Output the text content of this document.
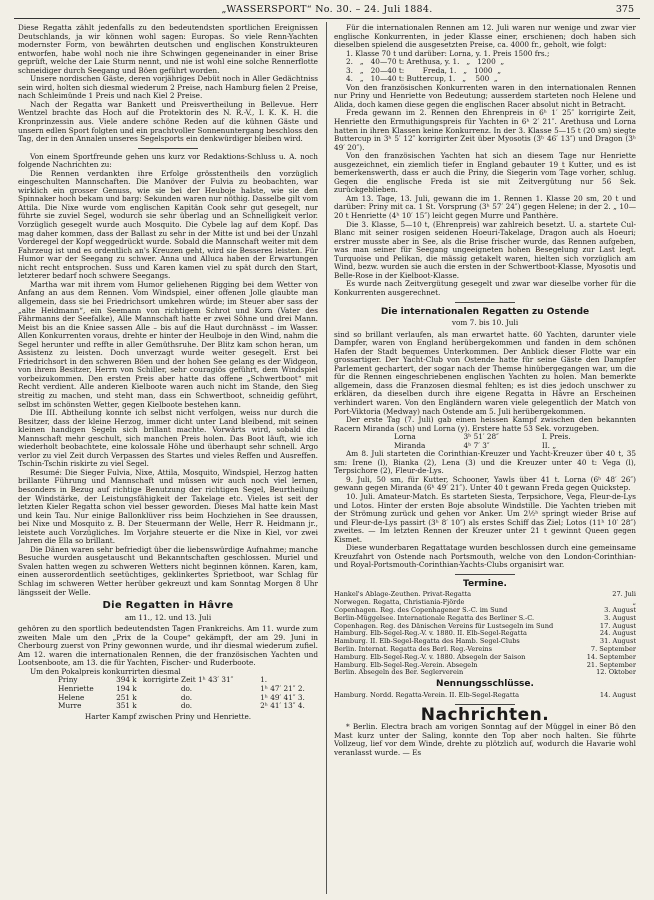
„WASSERSPORT“ No. 30. – 24. Juli 1884.	375

Diese Regatta zählt jedenfalls zu den bedeutendsten sportlichen Ereignissen Deutschlands, ja wir können wohl sagen: Europas. So viele Renn-Yachten modernster Form, von bewährten deutschen und englischen Konstrukteuren entworfen, habe wohl noch nie ihre Schwingen gegeneinander in einer Brise geprüft, welche der Laie Sturm nennt, und nie ist wohl eine solche Rennerflotte schneidiger durch Seegang und Böen geführt worden.

Unsere nordischen Gäste, deren vorjähriges Debüt noch in Aller Gedächtniss sein wird, holten sich diesmal wiederum 2 Preise, nach Hamburg fielen 2 Preise, nach Schleimünde 1 Preis und nach Kiel 2 Preise.

Nach der Regatta war Bankett und Preisvertheilung in Bellevue. Herr Wentzel brachte das Hoch auf die Protektorin des N. R.-V., I. K. K. H. die Kronprinzessin aus. Viele andere schöne Reden auf die kühnen Gäste und unsern edlen Sport folgten und ein prachtvoller Sonnenuntergang beschloss den Tag, der in den Annalen unseres Segelsports ein denkwürdiger bleiben wird.

Von einem Sportfreunde gehen uns kurz vor Redaktions-Schluss u. A. noch folgende Nachrichten zu:

Die Rennen verdankten ihre Erfolge grösstentheils den vorzüglich eingeschulten Mannschaften. Die Manöver der Fulvia zu beobachten, war wirklich ein grosser Genuss, wie sie bei der Heuboje halste, wie sie den Spinnaker hoch bekam und barg: Sekunden waren nur nöthig. Dasselbe gilt vom Attila. Die Nixe wurde vom englischen Kapitän Cook sehr gut gesegelt, nur führte sie zuviel Segel, wodurch sie sehr überlag und an Schnelligkeit verlor. Vorzüglich gesegelt wurde auch Mosquito. Die Cybele lag auf dem Kopf. Das mag daher kommen, dass der Ballast zu sehr in der Mitte ist und bei der Unzahl Vorderegel der Kopf weggedrückt wurde. Sobald die Mannschaft weiter mit dem Fahrzeug ist und es ordentlich an's Kreuzen geht, wird sie Besseres leisten. Für Humor war der Seegang zu schwer. Anna und Alluca haben der Erwartungen nicht recht entsprochen. Suss und Karen kamen viel zu spät durch den Start, letzterer bedarf noch schwere Seegangs.

Martha war mit ihrem vom Humor geliehenen Rigging bei dem Wetter von Anfang an aus dem Rennen. Vom Windspiel, einer offenen Jolle glaubte man allgemein, dass sie bei Friedrichsort umkehren würde; im Steuer aber sass der „alte Heidmann“, ein Seemann von richtigem Schrot und Korn (Vater des Fährmanns der Seefalke), Alle Mannschaft hatte er zwei Söhne und drei Mann. Meist bis an die Kniee sassen Alle – bis auf die Haut durchnässt – im Wasser. Allen Konkurrenten voraus, drehte er hinter der Heulboje in den Wind, nahm die Segel herunter und reffte in aller Gemüthsruhe. Der Blitz kam schon heran, um Assistenz zu leisten. Doch unverzagt wurde weiter gesegelt. Erst bei Friedrichsort in den schweren Böen und der hohen See gelang es der Widgeon, von ihrem Besitzer, Herrn von Schiller, sehr couragiös geführt, dem Windspiel vorbeizukommen. Den ersten Preis aber hatte das offene „Schwertboot“ mit Recht verdient. Alle anderen Kielboote waren auch nicht im Stande, den Sieg streitig zu machen, und steht man, dass ein Schwertboot, schneidig geführt, selbst im schönsten Wetter, gegen Kielboote bestehen kann.

Die III. Abtheilung konnte ich selbst nicht verfolgen, weiss nur durch die Besitzer, dass der kleine Herzog, immer dicht unter Land bleibend, mit seinen kleinen handigen Segeln sich brillant machte. Vorwärts wird, sobald die Mannschaft mehr geschult, sich manchen Preis holen. Das Boot läuft, wie ich wiederholt beobachtete, eine kolossale Höhe und überhaupt sehr schnell. Argo verlor zu viel Zeit durch Verpassen des Startes und vieles Reffen und Ausreffen. Tschin-Tschin riskirte zu viel Segel.

Resumé: Die Sieger Fulvia, Nixe, Attila, Mosquito, Windspiel, Herzog hatten brillante Führung und Mannschaft und müssen wir auch noch viel lernen, besonders in Bezug auf richtige Benutzung der richtigen Segel, Beurtheilung der Windstärke, der Leistungsfähigkeit der Takelage etc. Vieles ist seit der letzten Kieler Regatta schon viel besser geworden. Dieses Mal hatte kein Mast und kein Tau. Nur einige Ballonklüver riss beim Hochziehen in See draussen, bei Nixe und Mosquito z. B. Der Steuermann der Welle, Herr R. Heidmann jr., leistete auch Vorzügliches. Im Vorjahre steuerte er die Nixe in Kiel, vor zwei Jahren die Ella so brillant.

Die Dänen waren sehr befriedigt über die liebenswürdige Aufnahme; manche Besuche wurden ausgetauscht und Bekanntschaften geschlossen. Muriel und Svalen hatten wegen zu schweren Wetters nicht beginnen können. Karen, kam, einen ausserordentlich seetüchtiges, geklinkertes Sprietboot, war Schlag für Schlag im schweren Wetter herüber gekreuzt und kam Sonntag Morgen 8 Uhr längsseit der Welle.

Die Regatten in Hâvre
am 11., 12. und 13. Juli

gehören zu den sportlich bedeutendsten Tagen Frankreichs. Am 11. wurde zum zweiten Male um den „Prix de la Coupe“ gekämpft, der am 29. Juni in Cherbourg zuerst von Priny gewonnen wurde, und ihr diesmal wiederum zufiel. Am 12. waren die internationalen Rennen, die der französischen Yachten und Lootsenboote, am 13. die für Yachten, Fischer- und Ruderboote.

Um den Pokalpreis konkurrirten diesmal

Priny	394 k	korrigirte Zeit 1ʰ 43′ 31″	1.
Henriette	194 k	do.	1ʰ 47′ 21″ 2.
Helene	251 k	do.	1ʰ 49′ 41″ 3.
Murre	351 k	do.	2ʰ 41′ 13″ 4.
Harter Kampf zwischen Priny und Henriette.

Für die internationalen Rennen am 12. Juli waren nur wenige und zwar vier englische Konkurrenten, in jeder Klasse einer, erschienen; doch haben sich dieselben spielend die ausgesetzten Preise, ca. 4000 fr., geholt, wie folgt:

1. Klasse 70 t und darüber: Lorna, y. 1. Preis 1500 frs.;
2.   „   40—70 t: Arethusa, y. 1.   „   1200  „
3.   „   20—40 t:        Freda, 1.   „   1000  „
4.   „   10—40 t: Buttercup, 1.   „    500  „

Von den französischen Konkurrenten waren in den internationalen Rennen nur Priny und Henriette von Bedeutung; ausserdem starteten noch Helene und Alida, doch kamen diese gegen die englischen Racer absolut nicht in Betracht.

Freda gewann im 2. Rennen den Ehrenpreis in 6ʰ 1′ 25″ korrigirte Zeit, Henriette den Ermuthigungspreis für Yachten in 6ʰ 2′ 21″. Arethusa und Lorna hatten in ihren Klassen keine Konkurrenz. In der 3. Klasse 5—15 t (20 sm) siegte Buttercup in 3ʰ 5′ 12″ korrigirter Zeit über Myosotis (3ʰ 46′ 13″) und Dragon (3ʰ 49′ 20″).

Von den französischen Yachten hat sich an diesem Tage nur Henriette ausgezeichnet, ein ziemlich tiefer in England gebauter 19 t Kutter, und es ist bemerkenswerth, dass er auch die Priny, die Siegerin vom Tage vorher, schlug. Gegen die englische Freda ist sie mit Zeitvergütung nur 56 Sek. zurückgeblieben.

Am 13. Tage, 13. Juli, gewann die im 1. Rennen 1. Klasse 20 sm, 20 t und darüber: Priny mit ca. 1 St. Vorsprung (3ʰ 57′ 24″) gegen Helene; in der 2. „ 10—20 t Henriette (4ʰ 10′ 15″) leicht gegen Murre und Panthère.

Die 3. Klasse, 5—10 t, (Ehrenpreis) war zahlreich besetzt. U. a. startete Cul-Blanc mit seiner rosigen seidenen Hoeuri-Takelage, Dragon auch als Hoeuri; erstrer musste aber in See, als die Brise frischer wurde, das Rennen aufgeben, was man seiner für Seegang ungeeigneten hohen Besegelung zur Last legt. Turquoise und Pelikan, die mässig getakelt waren, hielten sich vorzüglich am Wind, bezw. wurden sie auch die ersten in der Schwertboot-Klasse, Myosotis und Belle-Rose in der Kielboot-Klasse.

Es wurde nach Zeitvergütung gesegelt und zwar war dieselbe vorher für die Konkurrenten ausgerechnet.

Die internationalen Regatten zu Ostende
vom 7. bis 10. Juli

sind so brillant verlaufen, als man erwartet hatte. 60 Yachten, darunter viele Dampfer, waren von England herübergekommen und fanden in dem schönen Hafen der Stadt bequemes Unterkommen. Der Anblick dieser Flotte war ein grossartiger. Der Yacht-Club von Ostende hatte für seine Gäste den Dampfer Parlement gechartert, der sogar nach der Themse hinübergegangen war, um die für die Rennen eingeschriebenen englischen Yachten zu holen. Man bemerkte allgemein, dass die Franzosen diesmal fehlten; es ist dies jedoch unschwer zu erklären, da dieselben durch ihre eigene Regatta in Hâvre an Erscheinen verhindert waren. Von den Engländern waren viele gelegentlich der Match von Port-Viktoria (Medway) nach Ostende am 5. Juli herübergekommen.

Der erste Tag (7. Juli) gab einen heissen Kampf zwischen den bekannten Racern Miranda (sch) und Lorna (y). Erstere hatte 53 Sek. vorzugeben.

Lorna	3ʰ 51′ 28″	I. Preis.
Miranda	4ʰ 7′ 3″	II. „

Am 8. Juli starteten die Corinthian-Kreuzer und Yacht-Kreuzer über 40 t, 35 sm: Irene (l), Bianka (2), Lena (3) und die Kreuzer unter 40 t: Vega (l), Terpsichore (2), Fleur-de-Lys.

9. Juli, 50 sm, für Kutter, Schooner, Yawls über 41 t. Lorna (6ʰ 48′ 26″) gewann gegen Miranda (6ʰ 49′ 21″). Unter 40 t gewann Freda gegen Quickstep.

10. Juli. Amateur-Match. Es starteten Siesta, Terpsichore, Vega, Fleur-de-Lys und Lotos. Hinter der ersten Boje absolute Windstille. Die Yachten trieben mit der Strömung zurück und gehen vor Anker. Um 2½ʰ springt wieder Brise auf und Fleur-de-Lys passirt (3ʰ 8′ 10″) als erstes Schiff das Ziel; Lotos (11ʰ 10′ 28″) zweites. — Im letzten Rennen der Kreuzer unter 21 t gewinnt Queen gegen Kismet.

Diese wunderbaren Regattatage wurden beschlossen durch eine gemeinsame Kreuzfahrt von Ostende nach Portsmouth, welche von den London-Corinthian- und Royal-Portsmouth-Corinthian-Yachts-Clubs organisirt war.

Termine.
Hankel's Ablage-Zeuthen. Privat-Regatta	27. Juli
Norwegen. Regatta, Christiania-Fjörde	„
Copenhagen. Reg. des Copenhagener S.-C. im Sund	3. August
Berlin-Müggelsee. Internationale Regatta des Berliner S.-C.	3. August
Copenhagen. Reg. des Dänischen Vereins für Lustsegeln im Sund	17. August
Hamburg. Elb-Segel-Reg.-V. v. 1880. II. Elb-Segel-Regatta	24. August
Hamburg. II. Elb-Segel-Regatta des Hamb. Segel-Clubs	31. August
Berlin. Internat. Regatta des Berl. Reg.-Vereins	7. September
Hamburg. Elb-Segel-Reg.-V. v. 1880. Absegeln der Saison	14. September
Hamburg. Elb-Segel-Reg.-Verein. Absegeln	21. September
Berlin. Absegeln des Ber. Seglerverein	12. Oktober
Nennungsschlüsse.
Hamburg. Nordd. Regatta-Verein. II. Elb-Segel-Regatta	14. August
Nachrichten.

* Berlin. Electra brach am vorigen Sonntag auf der Müggel in einer Bö den Mast kurz unter der Saling, konnte den Top aber noch halten. Sie führte Vollzeug, lief vor dem Winde, drehte zu plötzlich auf, wodurch die Havarie wohl veranlasst wurde. — Es
